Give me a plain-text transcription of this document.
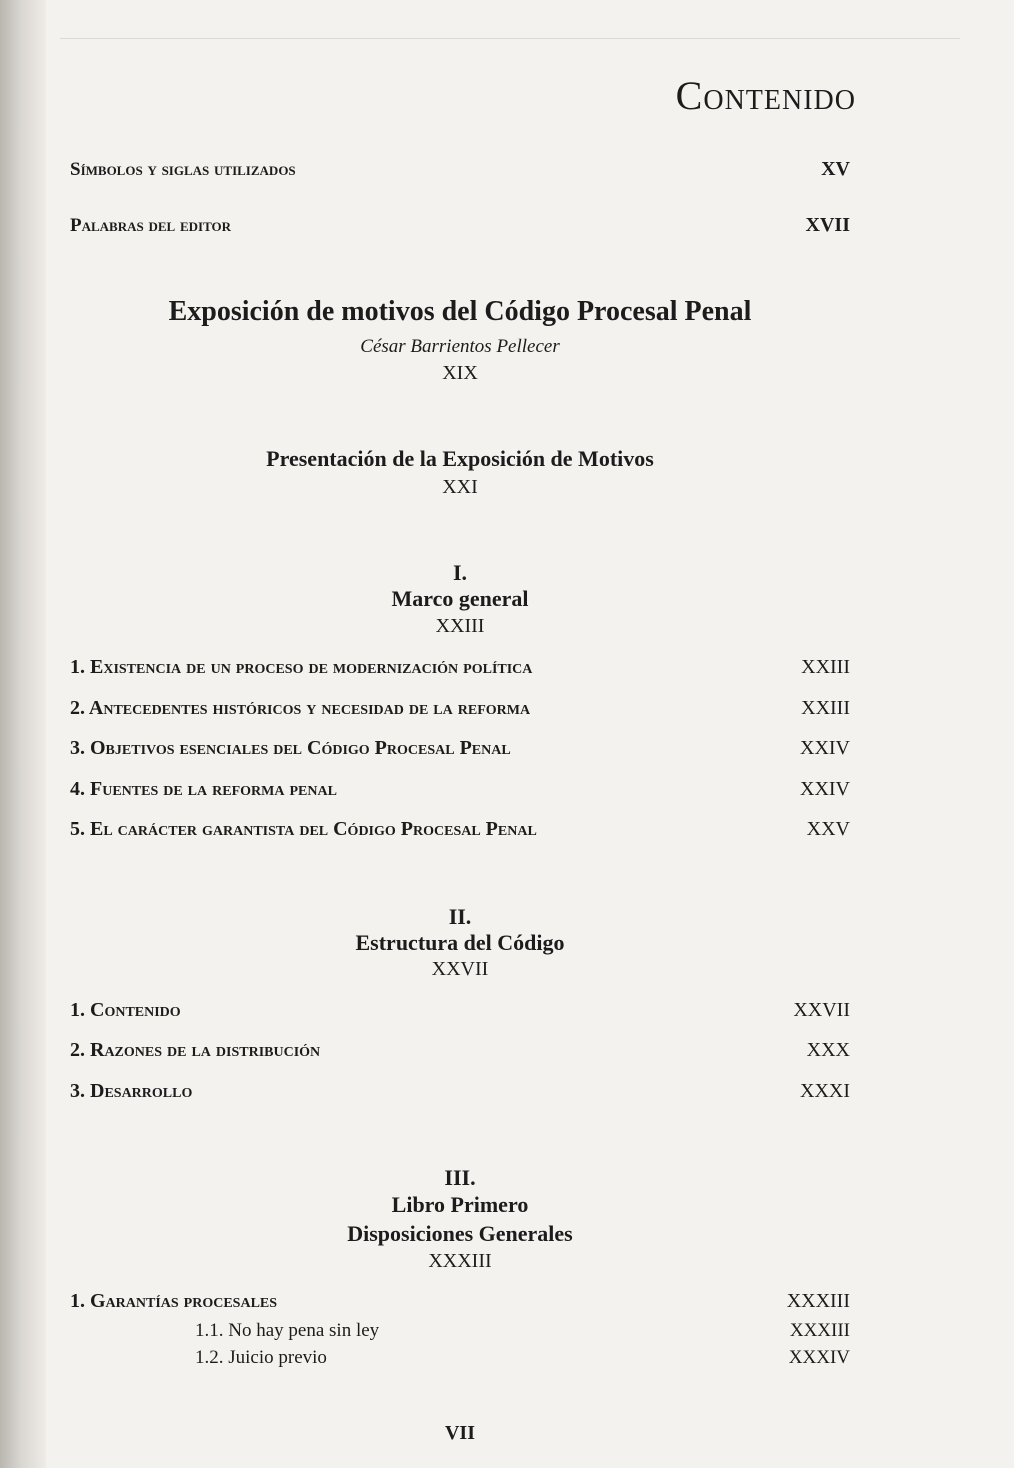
Contenido
Símbolos y siglas utilizados	XV
Palabras del editor	XVII
Exposición de motivos del Código Procesal Penal
César Barrientos Pellecer
XIX
Presentación de la Exposición de Motivos
XXI
I.
Marco general
XXIII
1. Existencia de un proceso de modernización política	XXIII
2. Antecedentes históricos y necesidad de la reforma	XXIII
3. Objetivos esenciales del Código Procesal Penal	XXIV
4. Fuentes de la reforma penal	XXIV
5. El carácter garantista del Código Procesal Penal	XXV
II.
Estructura del Código
XXVII
1. Contenido	XXVII
2. Razones de la distribución	XXX
3. Desarrollo	XXXI
III.
Libro Primero
Disposiciones Generales
XXXIII
1. Garantías procesales	XXXIII
1.1. No hay pena sin ley	XXXIII
1.2. Juicio previo	XXXIV
VII
